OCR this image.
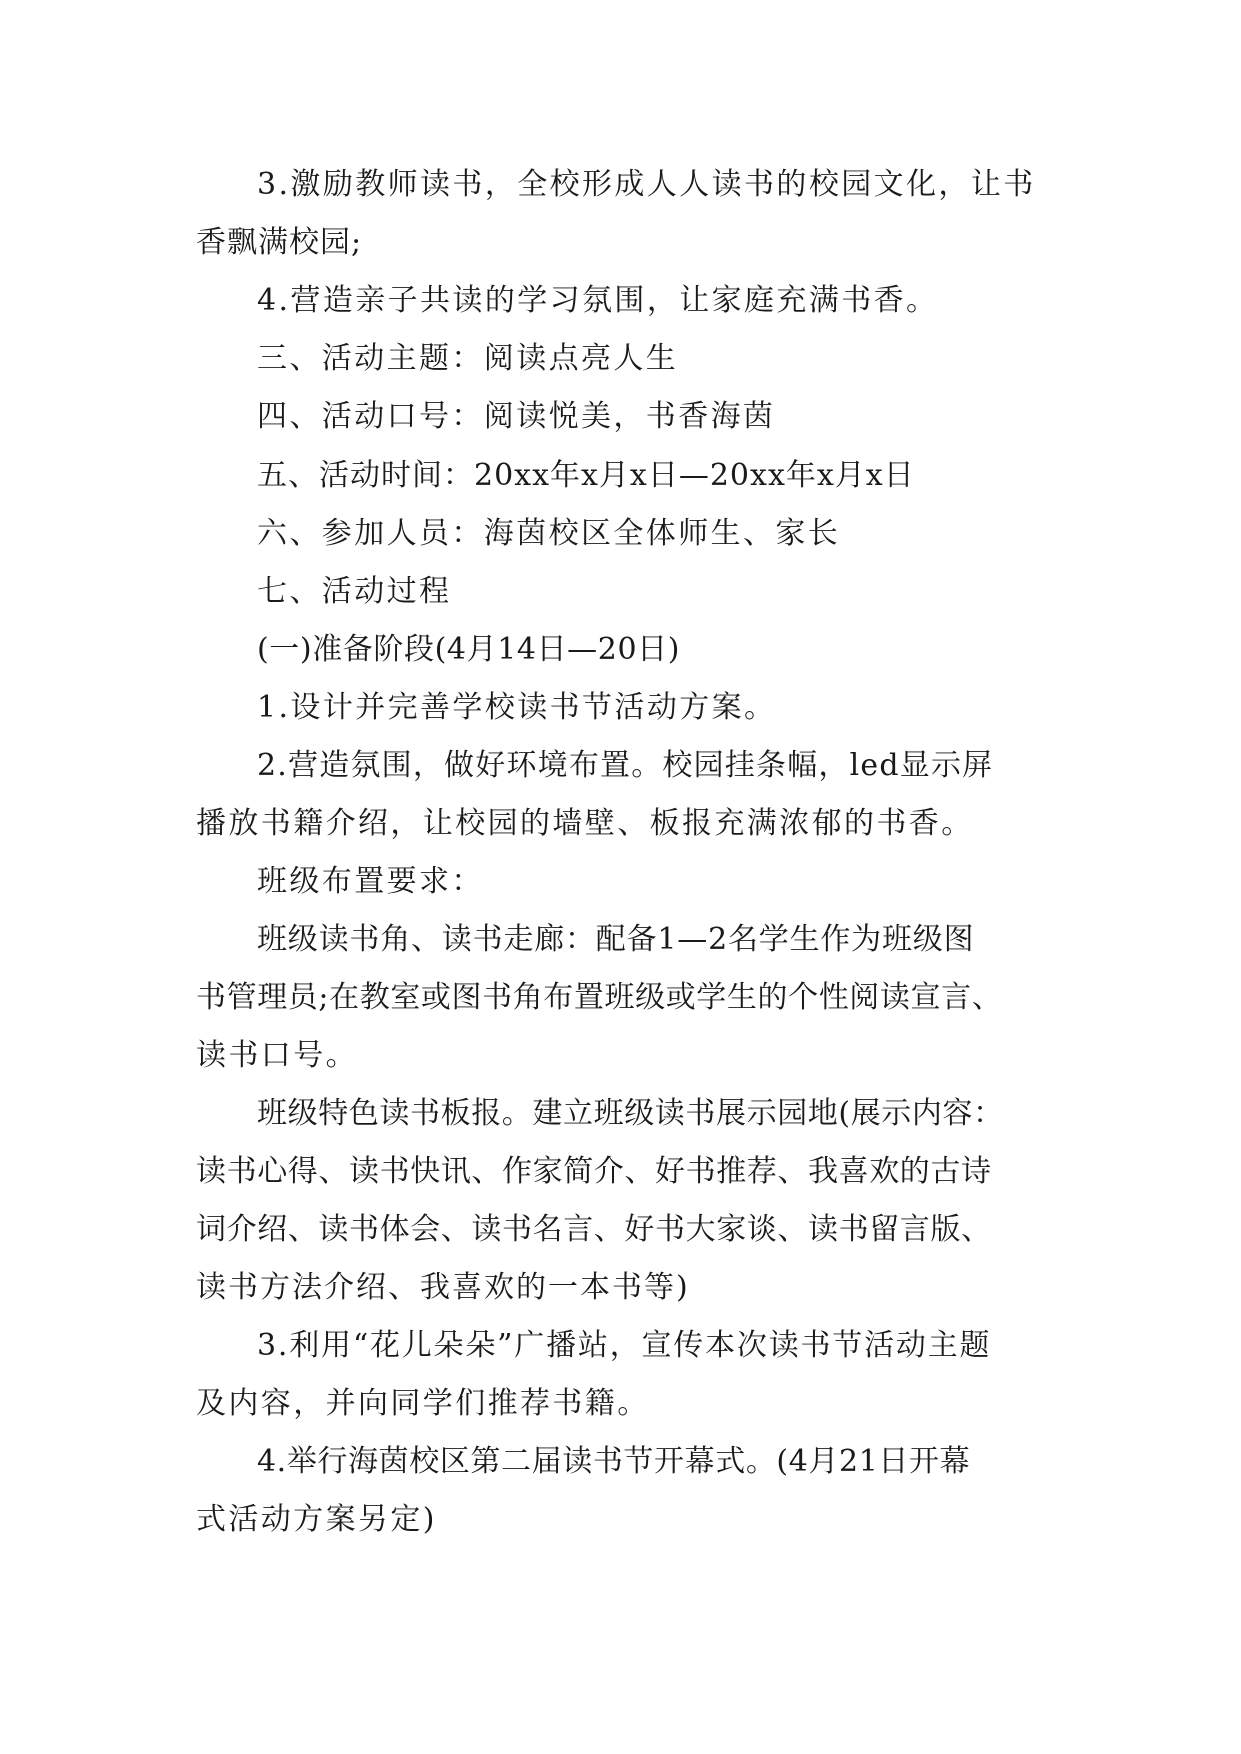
3.激励教师读书，全校形成人人读书的校园文化，让书
香飘满校园;
4.营造亲子共读的学习氛围，让家庭充满书香。
三、活动主题：阅读点亮人生
四、活动口号：阅读悦美，书香海茵
五、活动时间：20xx年x月x日—20xx年x月x日
六、参加人员：海茵校区全体师生、家长
七、活动过程
(一)准备阶段(4月14日—20日)
1.设计并完善学校读书节活动方案。
2.营造氛围，做好环境布置。校园挂条幅，led显示屏
播放书籍介绍，让校园的墙壁、板报充满浓郁的书香。
班级布置要求：
班级读书角、读书走廊：配备1—2名学生作为班级图
书管理员;在教室或图书角布置班级或学生的个性阅读宣言、
读书口号。
班级特色读书板报。建立班级读书展示园地(展示内容：
读书心得、读书快讯、作家简介、好书推荐、我喜欢的古诗
词介绍、读书体会、读书名言、好书大家谈、读书留言版、
读书方法介绍、我喜欢的一本书等)
3.利用“花儿朵朵”广播站，宣传本次读书节活动主题
及内容，并向同学们推荐书籍。
4.举行海茵校区第二届读书节开幕式。(4月21日开幕
式活动方案另定)
